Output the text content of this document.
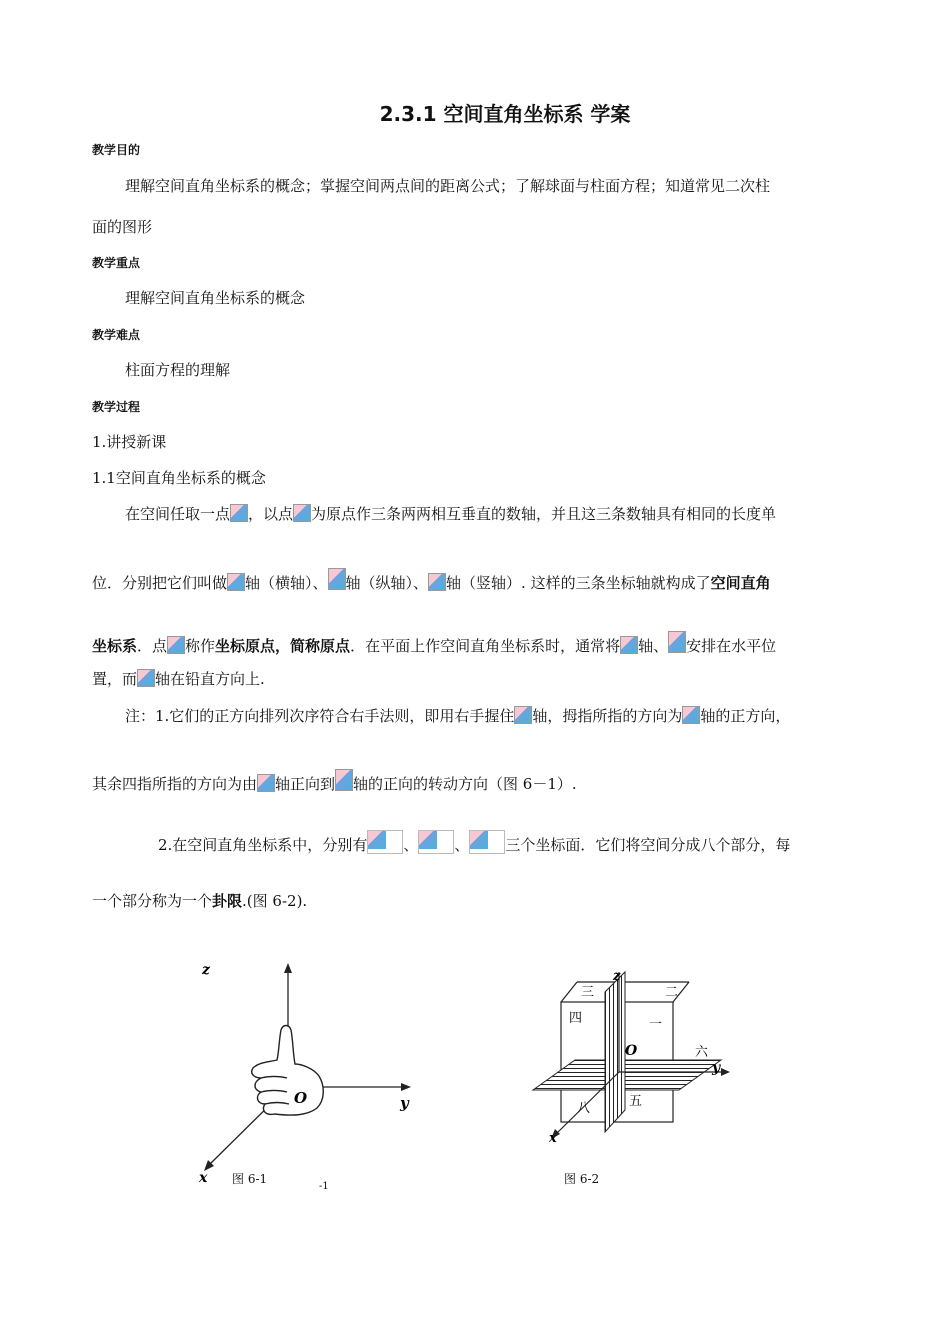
2.3.1 空间直角坐标系 学案
教学目的
理解空间直角坐标系的概念；掌握空间两点间的距离公式；了解球面与柱面方程；知道常见二次柱
面的图形
教学重点
理解空间直角坐标系的概念
教学难点
柱面方程的理解
教学过程
1.讲授新课
1.1空间直角坐标系的概念
在空间任取一点 ，以点 为原点作三条两两相互垂直的数轴，并且这三条数轴具有相同的长度单
位．分别把它们叫做 轴（横轴）、 轴（纵轴）、 轴（竖轴）. 这样的三条坐标轴就构成了空间直角
坐标系．点 称作坐标原点，简称原点．在平面上作空间直角坐标系时，通常将 轴、 安排在水平位
置，而 轴在铅直方向上.
注：1.它们的正方向排列次序符合右手法则，即用右手握住 轴，拇指所指的方向为 轴的正方向，
其余四指所指的方向为由 轴正向到 轴的正向的转动方向（图 6－1）.
2.在空间直角坐标系中，分别有 、 、 三个坐标面．它们将空间分成八个部分，每
一个部分称为一个卦限.(图 6-2).
z
y
x
O
图 6-1
-1
z
y
x
O
一
二
三
四
五
六
八
图 6-2
